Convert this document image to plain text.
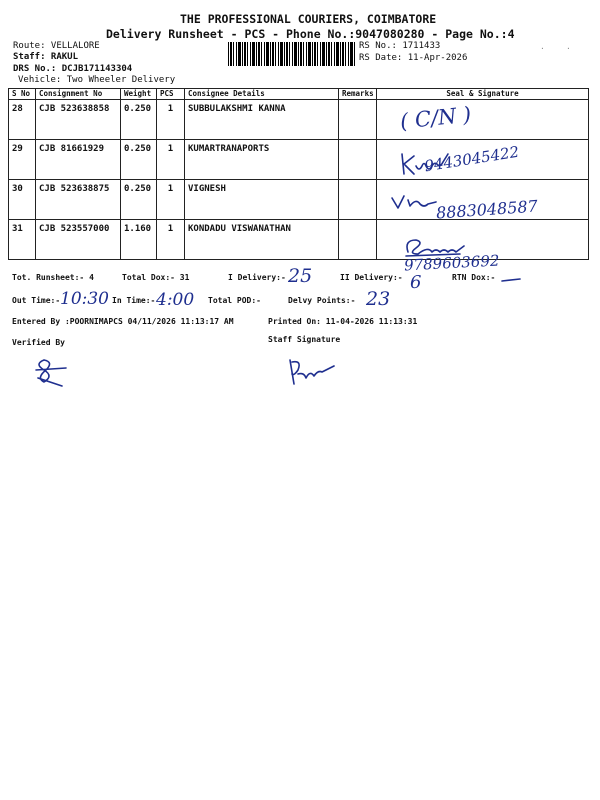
THE PROFESSIONAL COURIERS, COIMBATORE
Delivery Runsheet - PCS - Phone No.:9047080280 - Page No.:4
Route: VELLALORE
Staff: RAKUL
DRS No.: DCJB171143304
Vehicle: Two Wheeler Delivery
RS No.: 1711433
RS Date: 11-Apr-2026
S No	Consignment No	Weight	PCS	Consignee Details	Remarks	Seal & Signature
28	CJB 523638858	0.250	1	SUBBULAKSHMI KANNA		
29	CJB 81661929	0.250	1	KUMARTRANAPORTS		
30	CJB 523638875	0.250	1	VIGNESH		
31	CJB 523557000	1.160	1	KONDADU VISWANATHAN		
( C/N )
9443045422
8883048587
9789603692
Tot. Runsheet:- 4	Total Dox:- 31	I Delivery:- 25	II Delivery:- 6	RTN Dox:-
Out Time:- 10:30 In Time:- 4:00 Total POD:-	Delvy Points:- 23
Entered By :POORNIMAPCS 04/11/2026 11:13:17 AM	Printed On: 11-04-2026 11:13:31
Verified By	Staff Signature
·	·
